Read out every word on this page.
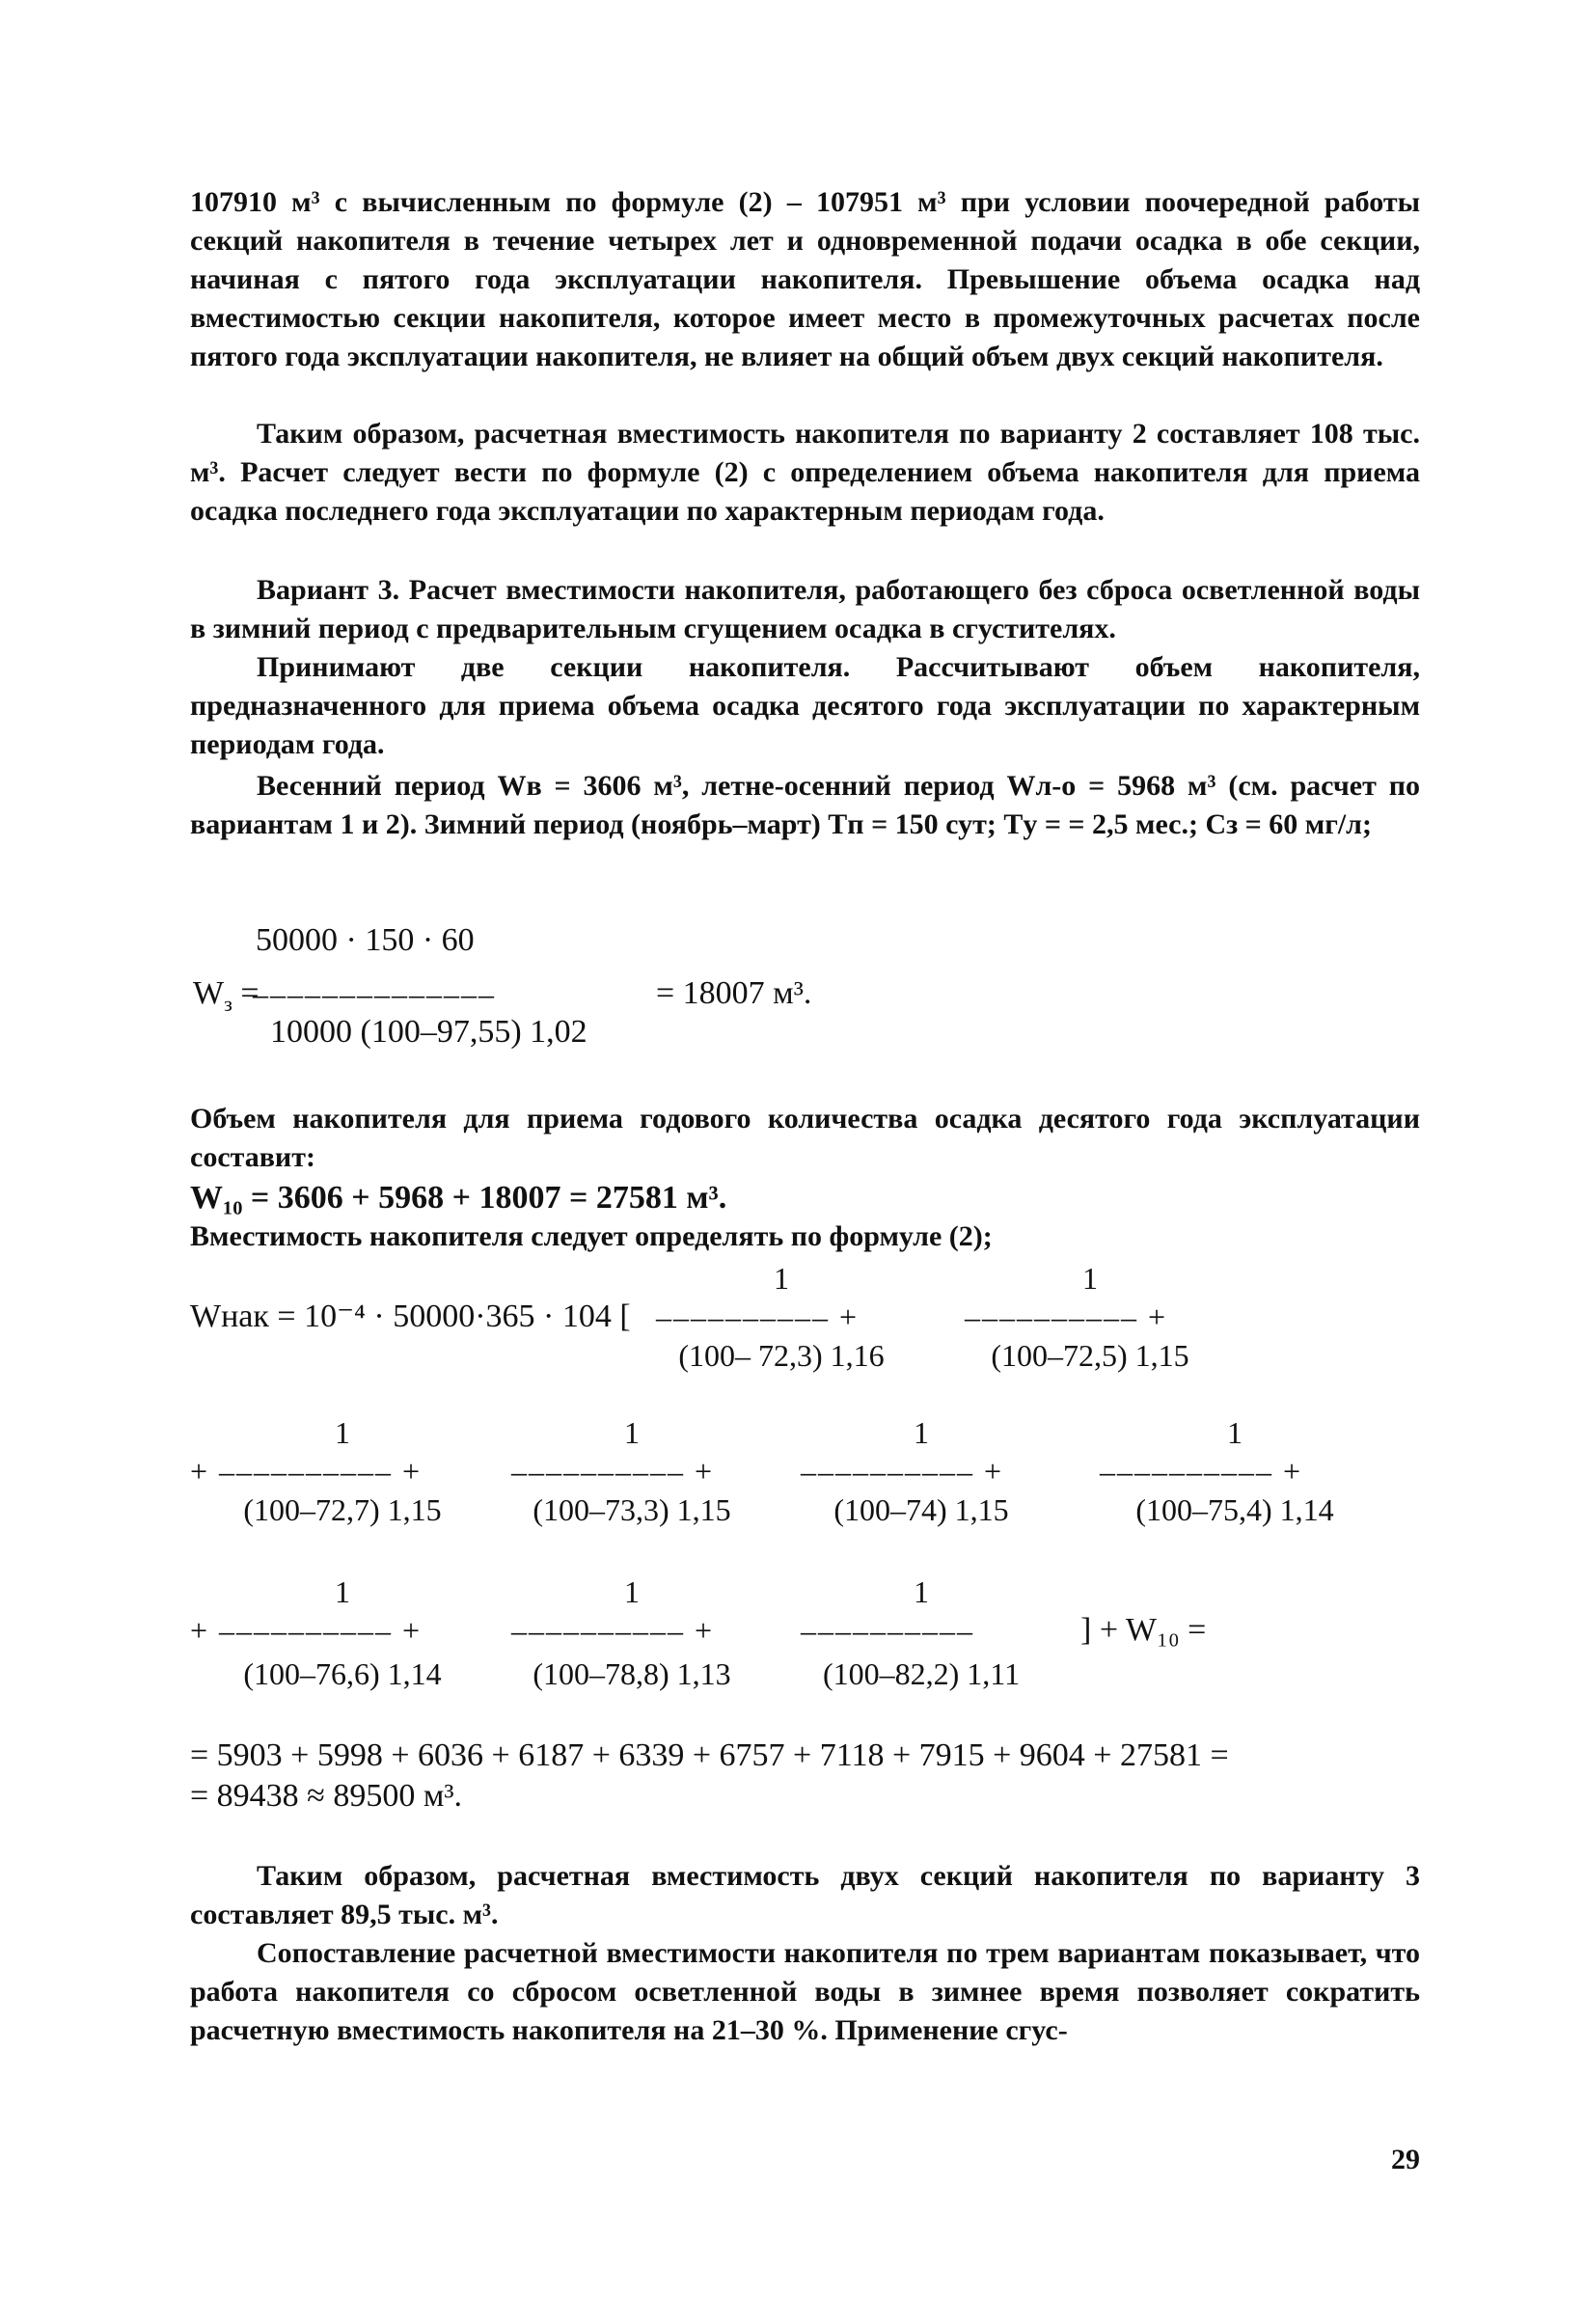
107910 м³ с вычисленным по формуле (2) – 107951 м³ при условии поочередной работы секций накопителя в течение четырех лет и одновременной подачи осадка в обе секции, начиная с пятого года эксплуатации накопителя. Превышение объема осадка над вместимостью секции накопителя, которое имеет место в промежуточных расчетах после пятого года эксплуатации накопителя, не влияет на общий объем двух секций накопителя.
Таким образом, расчетная вместимость накопителя по варианту 2 составляет 108 тыс. м³. Расчет следует вести по формуле (2) с определением объема накопителя для приема осадка последнего года эксплуатации по характерным периодам года.
Вариант 3. Расчет вместимости накопителя, работающего без сброса осветленной воды в зимний период с предварительным сгущением осадка в сгустителях.
Принимают две секции накопителя. Рассчитывают объем накопителя, предназначенного для приема объема осадка десятого года эксплуатации по характерным периодам года.
Весенний период Wв = 3606 м³, летне-осенний период Wл-о = 5968 м³ (см. расчет по вариантам 1 и 2). Зимний период (ноябрь–март) Tп = 150 сут; Tу = = 2,5 мес.; Сз = 60 мг/л;
50000 · 150 · 60
$W_з$ =
––––––––––––––	= 18007 м³.
10000 (100–97,55) 1,02
Объем накопителя для приема годового количества осадка десятого года эксплуатации составит:
W₁₀ = 3606 + 5968 + 18007 = 27581 м³.
Вместимость накопителя следует определять по формуле (2);
Wнак = 10⁻⁴ · 50000·365 · 104 [
1
–––––––––– +
(100– 72,3) 1,16
1
–––––––––– +
(100–72,5) 1,15
1
+ –––––––––– +
(100–72,7) 1,15
1
–––––––––– +
(100–73,3) 1,15
1
–––––––––– +
(100–74) 1,15
1
–––––––––– +
(100–75,4) 1,14
1
+ –––––––––– +
(100–76,6) 1,14
1
–––––––––– +
(100–78,8) 1,13
1
––––––––––
(100–82,2) 1,11
] + W₁₀ =
= 5903 + 5998 + 6036 + 6187 + 6339 + 6757 + 7118 + 7915 + 9604 + 27581 =
= 89438 ≈ 89500 м³.
Таким образом, расчетная вместимость двух секций накопителя по варианту 3 составляет 89,5 тыс. м³.
Сопоставление расчетной вместимости накопителя по трем вариантам показывает, что работа накопителя со сбросом осветленной воды в зимнее время позволяет сократить расчетную вместимость накопителя на 21–30 %. Применение сгус-
29
